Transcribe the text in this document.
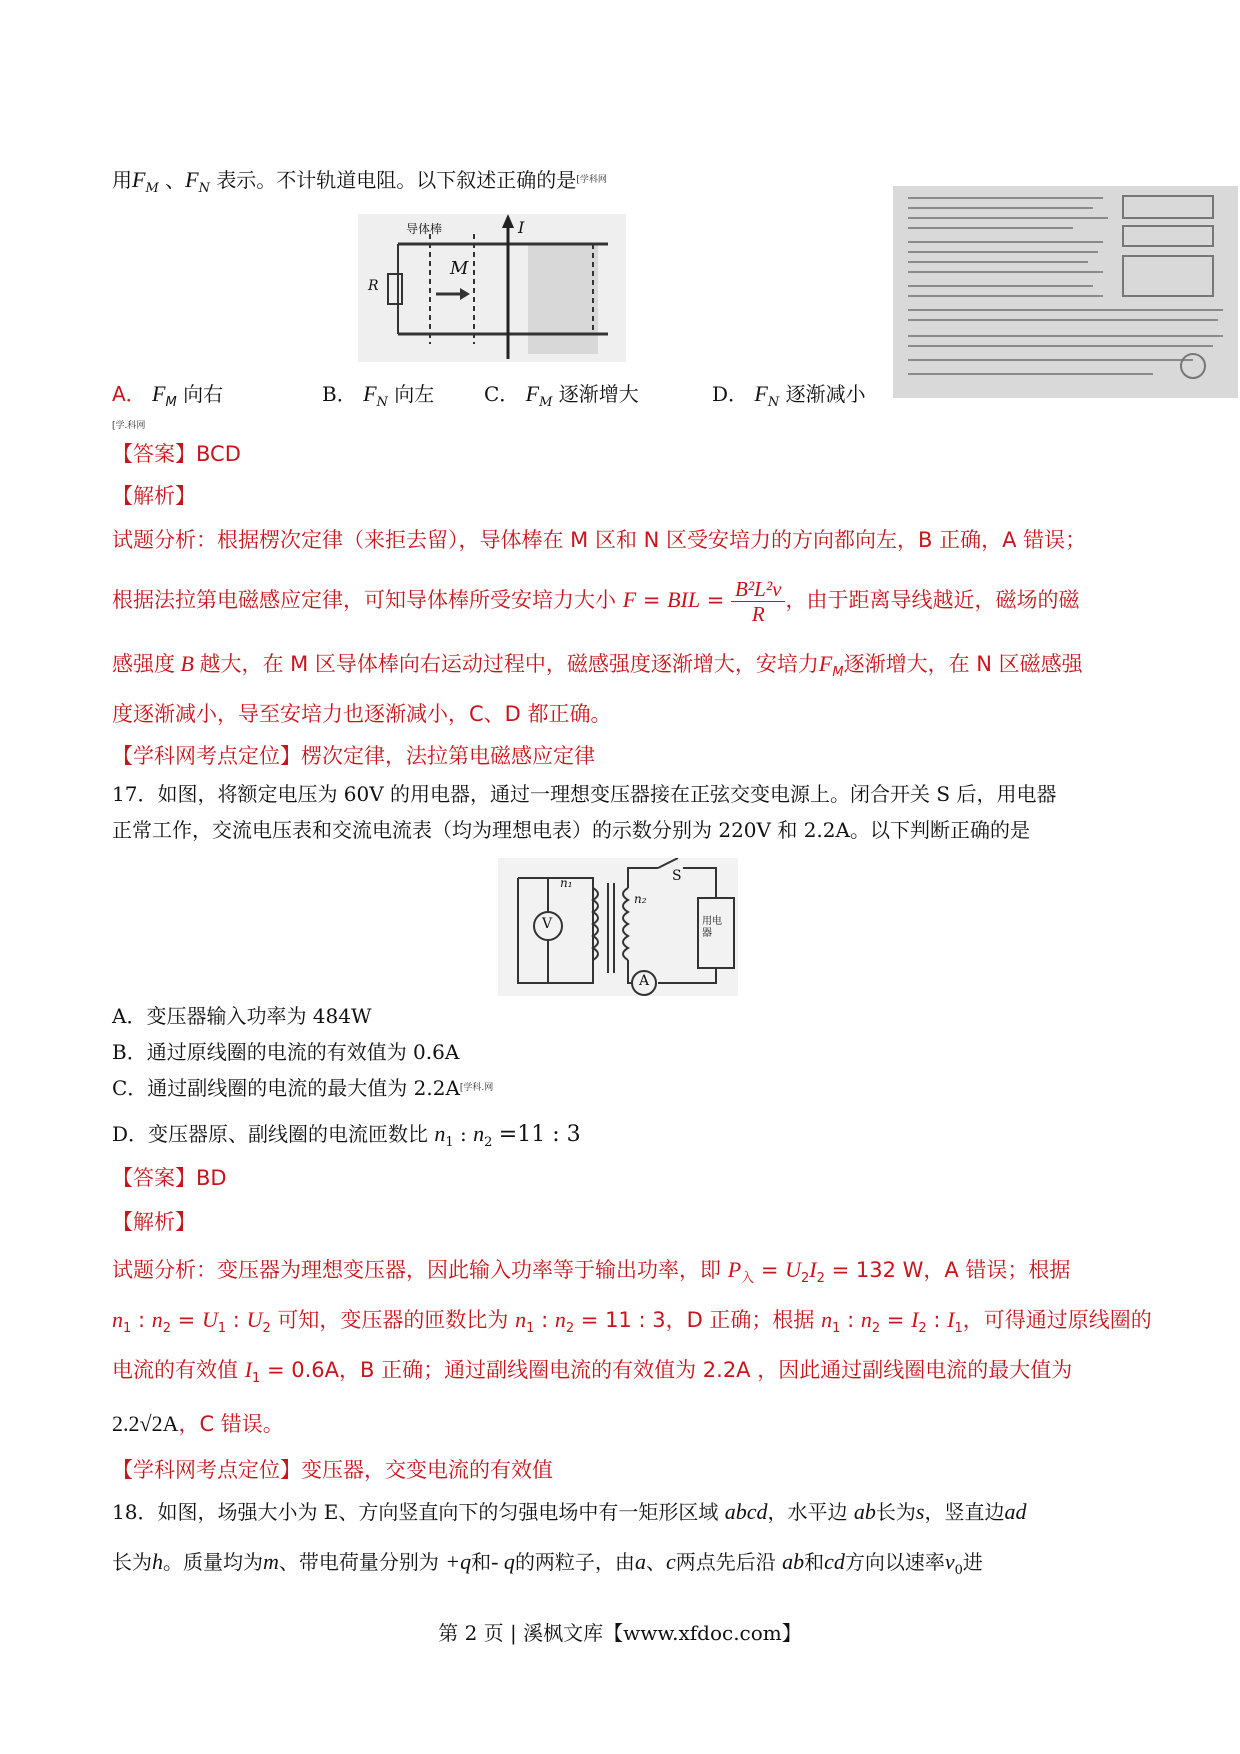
用$F_M$ 、$F_N$ 表示。不计轨道电阻。以下叙述正确的是$^{[学科网}$
导体棒	I
M
R
A． $F_M$ 向右	B． $F_N$ 向左 C． $F_M$ 逐渐增大	D． $F_N$ 逐渐减小
[学.科网
【答案】BCD
【解析】
试题分析：根据楞次定律（来拒去留），导体棒在 M 区和 N 区受安培力的方向都向左，B 正确，A 错误；
根据法拉第电磁感应定律，可知导体棒所受安培力大小 F = BIL = $\frac{\text{B²L²v}}{R}$ ，由于距离导线越近，磁场的磁
感强度 B 越大，在 M 区导体棒向右运动过程中，磁感强度逐渐增大，安培力$F_M$逐渐增大，在 N 区磁感强
度逐渐减小，导至安培力也逐渐减小，C、D 都正确。
【学科网考点定位】楞次定律，法拉第电磁感应定律
17．如图，将额定电压为 60V 的用电器，通过一理想变压器接在正弦交变电源上。闭合开关 S 后，用电器
正常工作，交流电压表和交流电流表（均为理想电表）的示数分别为 220V 和 2.2A。以下判断正确的是
V
A
S
n₁
n₂
用电器
A．变压器输入功率为 484W
B．通过原线圈的电流的有效值为 0.6A
C．通过副线圈的电流的最大值为 $2.2A^{[学科.网}$
D．变压器原、副线圈的电流匝数比 $n_1$ : $n_2 =11$ : 3
【答案】BD
【解析】
试题分析：变压器为理想变压器，因此输入功率等于输出功率，即 $P_入 = U_2I_2 = 132$ W，A 错误；根据
$n_1$ : $n_2 = U_1$ : $U_2$ 可知，变压器的匝数比为 $n_1$ : $n_2 = 11$ : 3，D 正确；根据 $n_1$ : $n_2 = I_2$ : $I_1$，可得通过原线圈的
电流的有效值 $I_1 = 0.6A$，B 正确；通过副线圈电流的有效值为 2.2A ，因此通过副线圈电流的最大值为
2.2√2A，C 错误。
【学科网考点定位】变压器，交变电流的有效值
18．如图，场强大小为 E、方向竖直向下的匀强电场中有一矩形区域 abcd，水平边 ab长为s，竖直边ad
长为h。质量均为m、带电荷量分别为 +q和- q的两粒子，由a、c两点先后沿 ab和cd方向以速率$v_0$进
第 2 页 | 溪枫文库【www.xfdoc.com】
